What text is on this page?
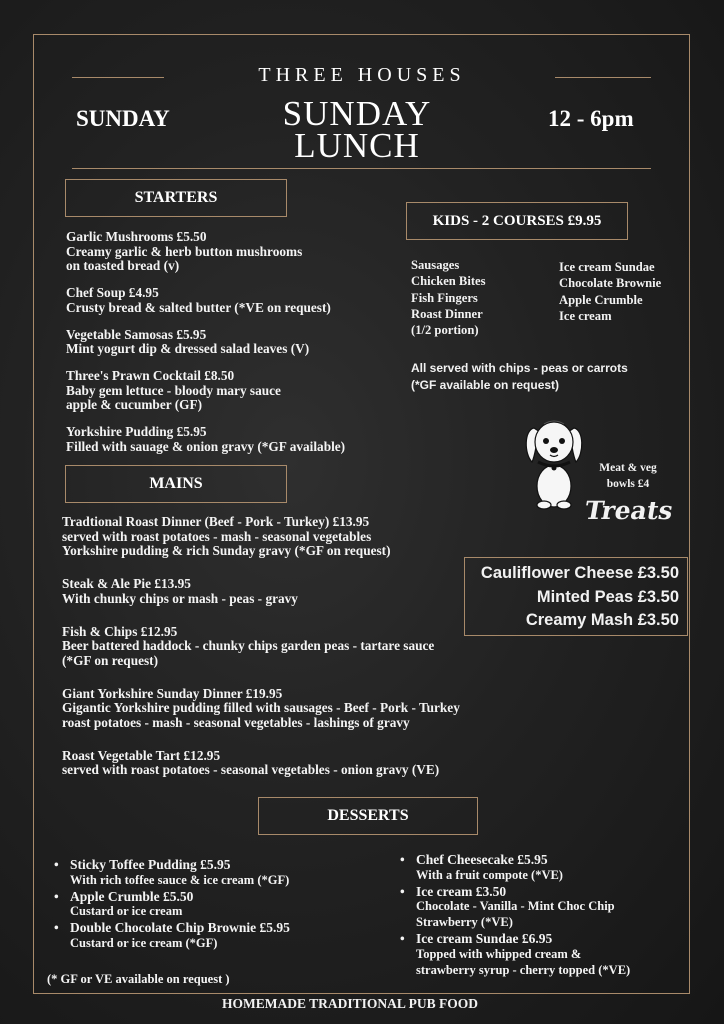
THREE HOUSES
SUNDAY	SUNDAY
LUNCH
12 - 6pm
STARTERS
Garlic Mushrooms £5.50
Creamy garlic & herb button mushrooms
on toasted bread (v)
Chef Soup £4.95
Crusty bread & salted butter (*VE on request)
Vegetable Samosas £5.95
Mint yogurt dip & dressed salad leaves (V)
Three's Prawn Cocktail £8.50
Baby gem lettuce - bloody mary sauce
apple & cucumber (GF)
Yorkshire Pudding £5.95
Filled with sauage & onion gravy (*GF available)
KIDS - 2 COURSES £9.95
Sausages
Chicken Bites
Fish Fingers
Roast Dinner
(1/2 portion)
Ice cream Sundae
Chocolate Brownie
Apple Crumble
Ice cream
All served with chips - peas or carrots
(*GF available on request)
Meat & veg
bowls £4
Treats
MAINS
Tradtional Roast Dinner (Beef - Pork - Turkey) £13.95
served with roast potatoes - mash - seasonal vegetables
Yorkshire pudding & rich Sunday gravy (*GF on request)
Steak & Ale Pie £13.95
With chunky chips or mash - peas - gravy
Fish & Chips £12.95
Beer battered haddock - chunky chips garden peas - tartare sauce
(*GF on request)
Giant Yorkshire Sunday Dinner £19.95
Gigantic Yorkshire pudding filled with sausages - Beef - Pork - Turkey
roast potatoes - mash - seasonal vegetables - lashings of gravy
Roast Vegetable Tart £12.95
served with roast potatoes - seasonal vegetables - onion gravy (VE)
Cauliflower Cheese £3.50
Minted Peas £3.50
Creamy Mash £3.50
DESSERTS
• Sticky Toffee Pudding £5.95
With rich toffee sauce & ice cream (*GF)
• Apple Crumble £5.50
Custard or ice cream
• Double Chocolate Chip Brownie £5.95
Custard or ice cream (*GF)
• Chef Cheesecake £5.95
With a fruit compote (*VE)
• Ice cream £3.50
Chocolate - Vanilla - Mint Choc Chip
Strawberry (*VE)
• Ice cream Sundae £6.95
Topped with whipped cream &
strawberry syrup - cherry topped (*VE)
(* GF or VE available on request )
HOMEMADE TRADITIONAL PUB FOOD
